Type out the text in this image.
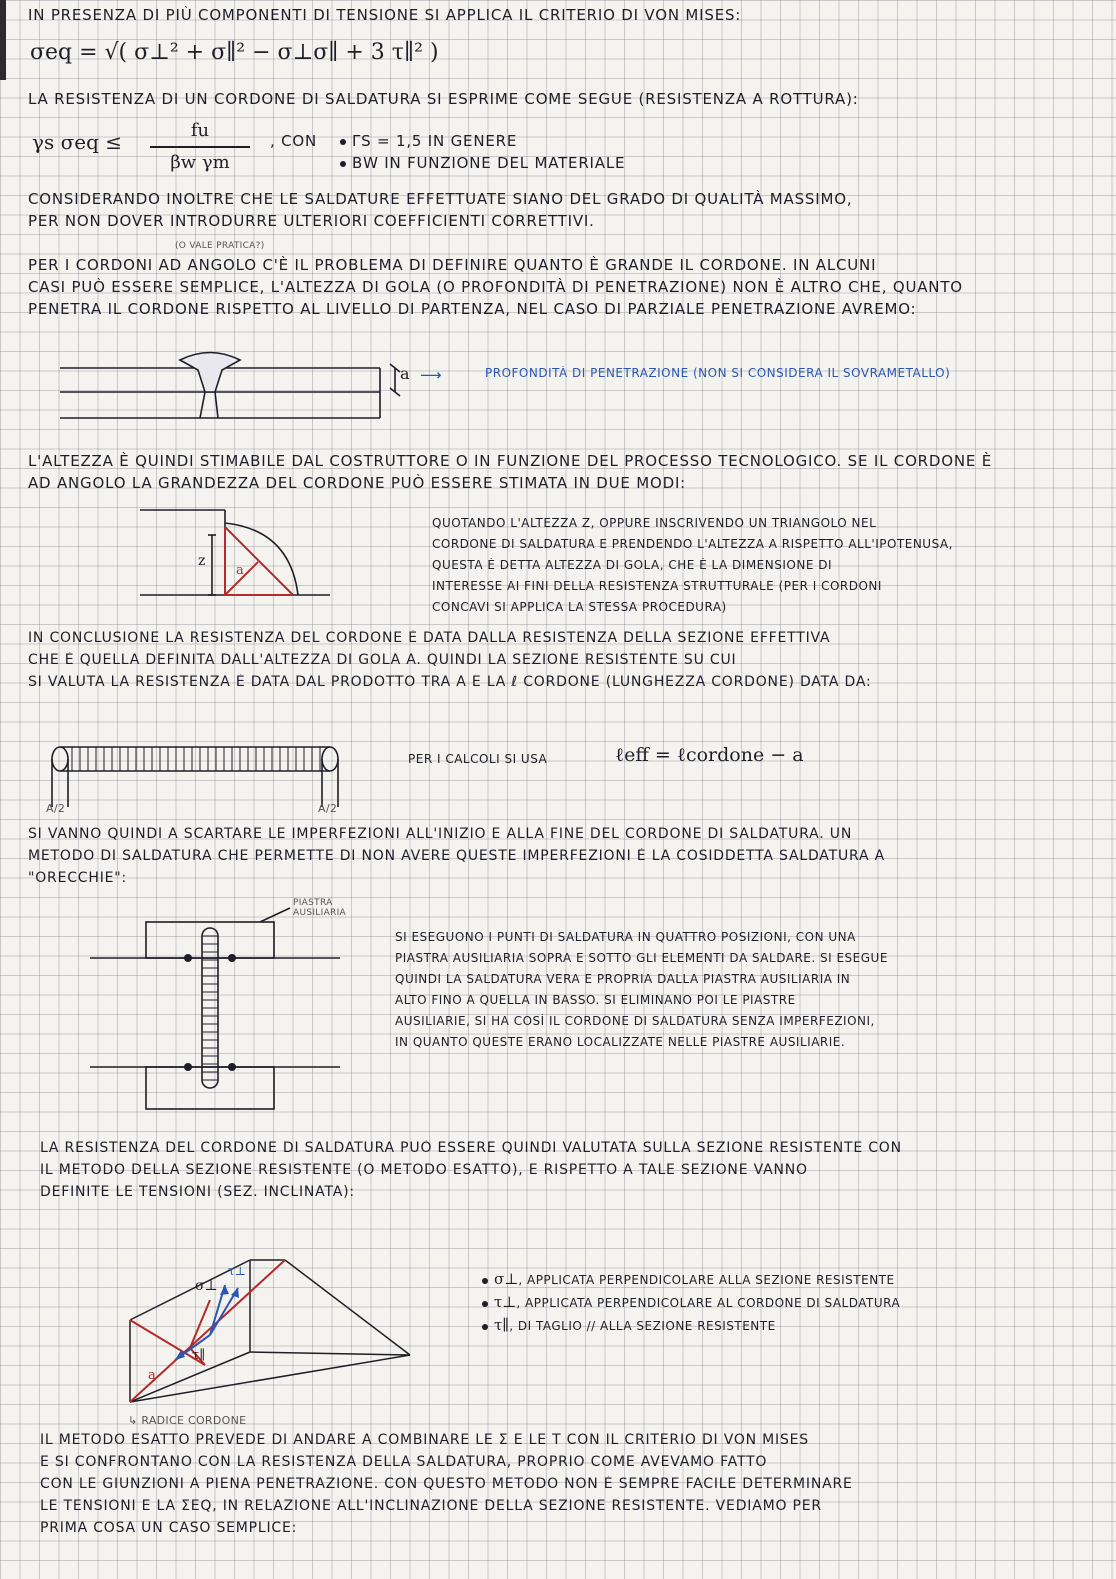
IN PRESENZA DI PIÙ COMPONENTI DI TENSIONE SI APPLICA IL CRITERIO DI VON MISES:
σeq = √( σ⊥² + σ∥² − σ⊥σ∥ + 3 τ∥² )
LA RESISTENZA DI UN CORDONE DI SALDATURA SI ESPRIME COME SEGUE (RESISTENZA A ROTTURA):
γs σeq ≤	fu
βw γm
, CON	ΓS = 1,5 IN GENERE
ΒW IN FUNZIONE DEL MATERIALE
CONSIDERANDO INOLTRE CHE LE SALDATURE EFFETTUATE SIANO DEL GRADO DI QUALITÀ MASSIMO,
PER NON DOVER INTRODURRE ULTERIORI COEFFICIENTI CORRETTIVI.
(O VALE PRATICA?)
PER I CORDONI AD ANGOLO C'È IL PROBLEMA DI DEFINIRE QUANTO È GRANDE IL CORDONE. IN ALCUNI
CASI PUÒ ESSERE SEMPLICE, L'ALTEZZA DI GOLA (O PROFONDITÀ DI PENETRAZIONE) NON È ALTRO CHE, QUANTO
PENETRA IL CORDONE RISPETTO AL LIVELLO DI PARTENZA, NEL CASO DI PARZIALE PENETRAZIONE AVREMO:
a ⟶	PROFONDITÀ DI PENETRAZIONE (NON SI CONSIDERA IL SOVRAMETALLO)
L'ALTEZZA È QUINDI STIMABILE DAL COSTRUTTORE O IN FUNZIONE DEL PROCESSO TECNOLOGICO. SE IL CORDONE È
AD ANGOLO LA GRANDEZZA DEL CORDONE PUÒ ESSERE STIMATA IN DUE MODI:
z
a
QUOTANDO L'ALTEZZA Z, OPPURE INSCRIVENDO UN TRIANGOLO NEL
CORDONE DI SALDATURA E PRENDENDO L'ALTEZZA A RISPETTO ALL'IPOTENUSA,
QUESTA È DETTA ALTEZZA DI GOLA, CHE È LA DIMENSIONE DI
INTERESSE AI FINI DELLA RESISTENZA STRUTTURALE (PER I CORDONI
CONCAVI SI APPLICA LA STESSA PROCEDURA)
IN CONCLUSIONE LA RESISTENZA DEL CORDONE È DATA DALLA RESISTENZA DELLA SEZIONE EFFETTIVA
CHE È QUELLA DEFINITA DALL'ALTEZZA DI GOLA A. QUINDI LA SEZIONE RESISTENTE SU CUI
SI VALUTA LA RESISTENZA È DATA DAL PRODOTTO TRA A E LA ℓ CORDONE (LUNGHEZZA CORDONE) DATA DA:
A/2	A/2
PER I CALCOLI SI USA	ℓeff = ℓcordone − a
SI VANNO QUINDI A SCARTARE LE IMPERFEZIONI ALL'INIZIO E ALLA FINE DEL CORDONE DI SALDATURA. UN
METODO DI SALDATURA CHE PERMETTE DI NON AVERE QUESTE IMPERFEZIONI È LA COSIDDETTA SALDATURA A
"ORECCHIE":
PIASTRA AUSILIARIA
SI ESEGUONO I PUNTI DI SALDATURA IN QUATTRO POSIZIONI, CON UNA
PIASTRA AUSILIARIA SOPRA E SOTTO GLI ELEMENTI DA SALDARE. SI ESEGUE
QUINDI LA SALDATURA VERA E PROPRIA DALLA PIASTRA AUSILIARIA IN
ALTO FINO A QUELLA IN BASSO. SI ELIMINANO POI LE PIASTRE
AUSILIARIE, SI HA COSÌ IL CORDONE DI SALDATURA SENZA IMPERFEZIONI,
IN QUANTO QUESTE ERANO LOCALIZZATE NELLE PIASTRE AUSILIARIE.
LA RESISTENZA DEL CORDONE DI SALDATURA PUÒ ESSERE QUINDI VALUTATA SULLA SEZIONE RESISTENTE CON
IL METODO DELLA SEZIONE RESISTENTE (O METODO ESATTO), E RISPETTO A TALE SEZIONE VANNO
DEFINITE LE TENSIONI (SEZ. INCLINATA):
σ⊥
τ⊥
τ∥
a
↳ RADICE CORDONE
σ⊥, APPLICATA PERPENDICOLARE ALLA SEZIONE RESISTENTE
τ⊥, APPLICATA PERPENDICOLARE AL CORDONE DI SALDATURA
τ∥, DI TAGLIO // ALLA SEZIONE RESISTENTE
IL METODO ESATTO PREVEDE DI ANDARE A COMBINARE LE Σ E LE Τ CON IL CRITERIO DI VON MISES
E SI CONFRONTANO CON LA RESISTENZA DELLA SALDATURA, PROPRIO COME AVEVAMO FATTO
CON LE GIUNZIONI A PIENA PENETRAZIONE. CON QUESTO METODO NON È SEMPRE FACILE DETERMINARE
LE TENSIONI E LA ΣEQ, IN RELAZIONE ALL'INCLINAZIONE DELLA SEZIONE RESISTENTE. VEDIAMO PER
PRIMA COSA UN CASO SEMPLICE:
